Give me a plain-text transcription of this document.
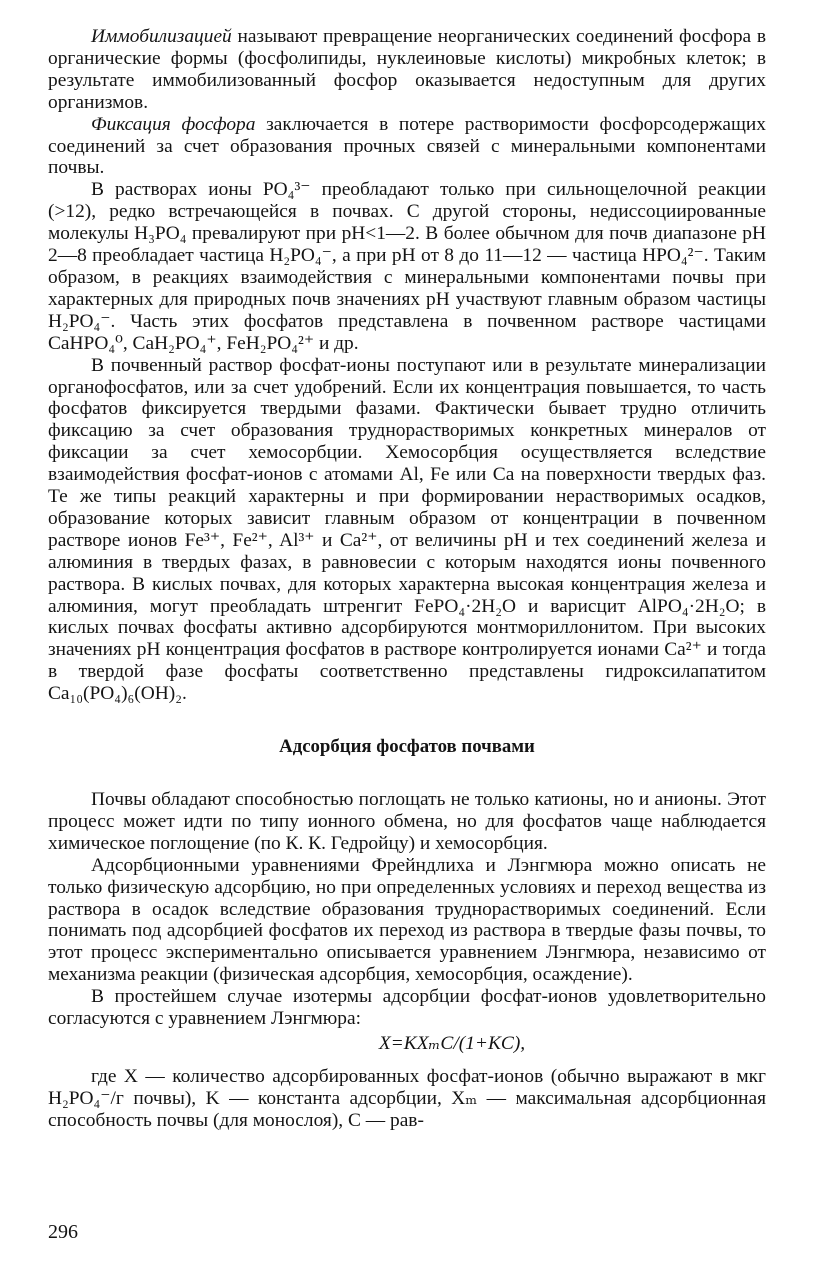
Иммобилизацией называют превращение неорганических соединений фосфора в органические формы (фосфолипиды, нуклеиновые кислоты) микробных клеток; в результате иммобилизованный фосфор оказывается недоступным для других организмов.

Фиксация фосфора заключается в потере растворимости фосфорсодержащих соединений за счет образования прочных связей с минеральными компонентами почвы.

В растворах ионы PO₄³⁻ преобладают только при сильнощелочной реакции (>12), редко встречающейся в почвах. С другой стороны, недиссоциированные молекулы H₃PO₄ превалируют при pH<1—2. В более обычном для почв диапазоне pH 2—8 преобладает частица H₂PO₄⁻, а при pH от 8 до 11—12 — частица HPO₄²⁻. Таким образом, в реакциях взаимодействия с минеральными компонентами почвы при характерных для природных почв значениях pH участвуют главным образом частицы H₂PO₄⁻. Часть этих фосфатов представлена в почвенном растворе частицами CaHPO₄⁰, CaH₂PO₄⁺, FeH₂PO₄²⁺ и др.

В почвенный раствор фосфат-ионы поступают или в результате минерализации органофосфатов, или за счет удобрений. Если их концентрация повышается, то часть фосфатов фиксируется твердыми фазами. Фактически бывает трудно отличить фиксацию за счет образования труднорастворимых конкретных минералов от фиксации за счет хемосорбции. Хемосорбция осуществляется вследствие взаимодействия фосфат-ионов с атомами Al, Fe или Ca на поверхности твердых фаз. Те же типы реакций характерны и при формировании нерастворимых осадков, образование которых зависит главным образом от концентрации в почвенном растворе ионов Fe³⁺, Fe²⁺, Al³⁺ и Ca²⁺, от величины pH и тех соединений железа и алюминия в твердых фазах, в равновесии с которым находятся ионы почвенного раствора. В кислых почвах, для которых характерна высокая концентрация железа и алюминия, могут преобладать штренгит FePO₄·2H₂O и варисцит AlPO₄·2H₂O; в кислых почвах фосфаты активно адсорбируются монтмориллонитом. При высоких значениях pH концентрация фосфатов в растворе контролируется ионами Ca²⁺ и тогда в твердой фазе фосфаты соответственно представлены гидроксилапатитом Ca₁₀(PO₄)₆(OH)₂.

Адсорбция фосфатов почвами

Почвы обладают способностью поглощать не только катионы, но и анионы. Этот процесс может идти по типу ионного обмена, но для фосфатов чаще наблюдается химическое поглощение (по К. К. Гедройцу) и хемосорбция.

Адсорбционными уравнениями Фрейндлиха и Лэнгмюра можно описать не только физическую адсорбцию, но при определенных условиях и переход вещества из раствора в осадок вследствие образования труднорастворимых соединений. Если понимать под адсорбцией фосфатов их переход из раствора в твердые фазы почвы, то этот процесс экспериментально описывается уравнением Лэнгмюра, независимо от механизма реакции (физическая адсорбция, хемосорбция, осаждение).

В простейшем случае изотермы адсорбции фосфат-ионов удовлетворительно согласуются с уравнением Лэнгмюра:

X=KXₘC/(1+KC),

где X — количество адсорбированных фосфат-ионов (обычно выражают в мкг H₂PO₄⁻/г почвы), K — константа адсорбции, Xₘ — максимальная адсорбционная способность почвы (для монослоя), C — рав-

296
